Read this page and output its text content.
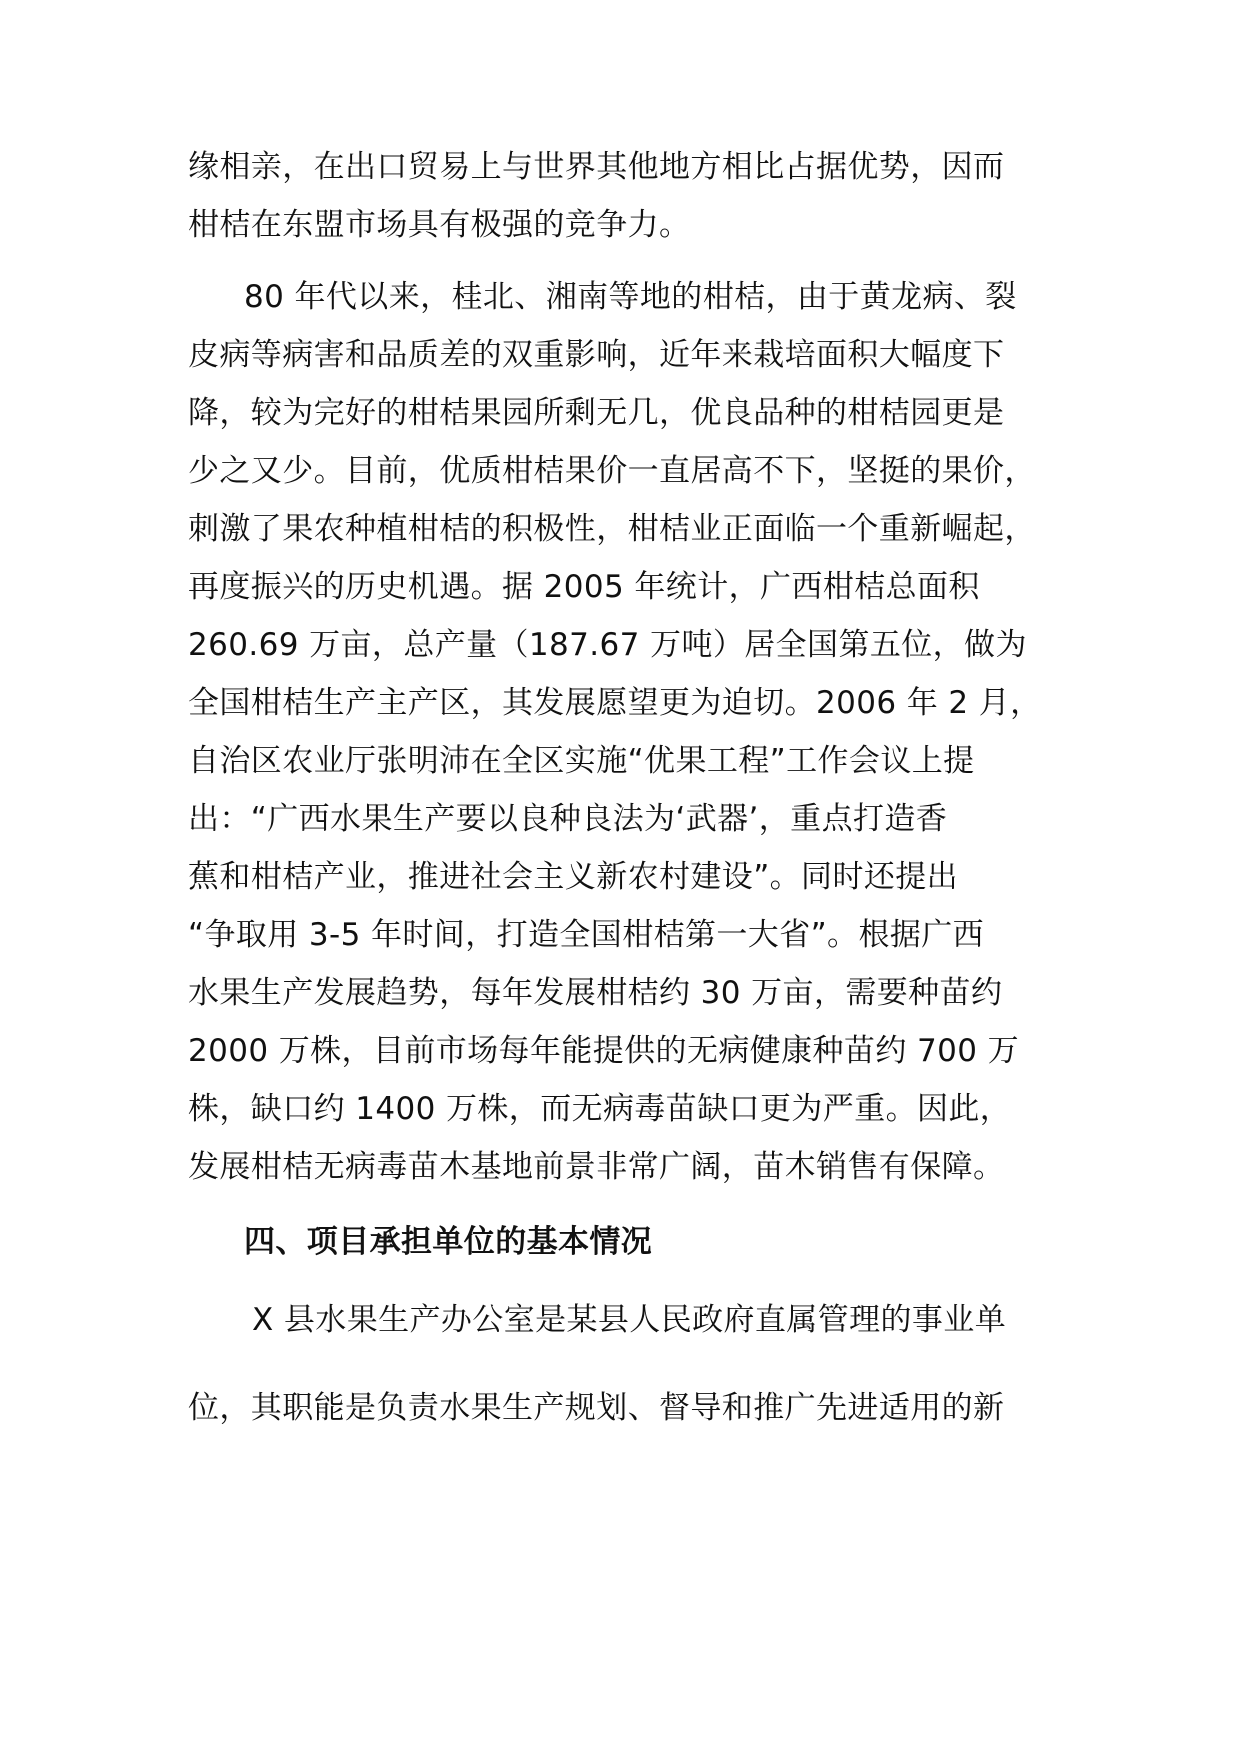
缘相亲，在出口贸易上与世界其他地方相比占据优势，因而
柑桔在东盟市场具有极强的竞争力。
80 年代以来，桂北、湘南等地的柑桔，由于黄龙病、裂
皮病等病害和品质差的双重影响，近年来栽培面积大幅度下
降，较为完好的柑桔果园所剩无几，优良品种的柑桔园更是
少之又少。目前，优质柑桔果价一直居高不下，坚挺的果价，
刺激了果农种植柑桔的积极性，柑桔业正面临一个重新崛起，
再度振兴的历史机遇。据 2005 年统计，广西柑桔总面积
260.69 万亩，总产量（187.67 万吨）居全国第五位，做为
全国柑桔生产主产区，其发展愿望更为迫切。2006 年 2 月，
自治区农业厅张明沛在全区实施“优果工程”工作会议上提
出：“广西水果生产要以良种良法为‘武器’，重点打造香
蕉和柑桔产业，推进社会主义新农村建设”。同时还提出
“争取用 3-5 年时间，打造全国柑桔第一大省”。根据广西
水果生产发展趋势，每年发展柑桔约 30 万亩，需要种苗约
2000 万株，目前市场每年能提供的无病健康种苗约 700 万
株，缺口约 1400 万株，而无病毒苗缺口更为严重。因此，
发展柑桔无病毒苗木基地前景非常广阔，苗木销售有保障。
四、项目承担单位的基本情况
X 县水果生产办公室是某县人民政府直属管理的事业单
位，其职能是负责水果生产规划、督导和推广先进适用的新
